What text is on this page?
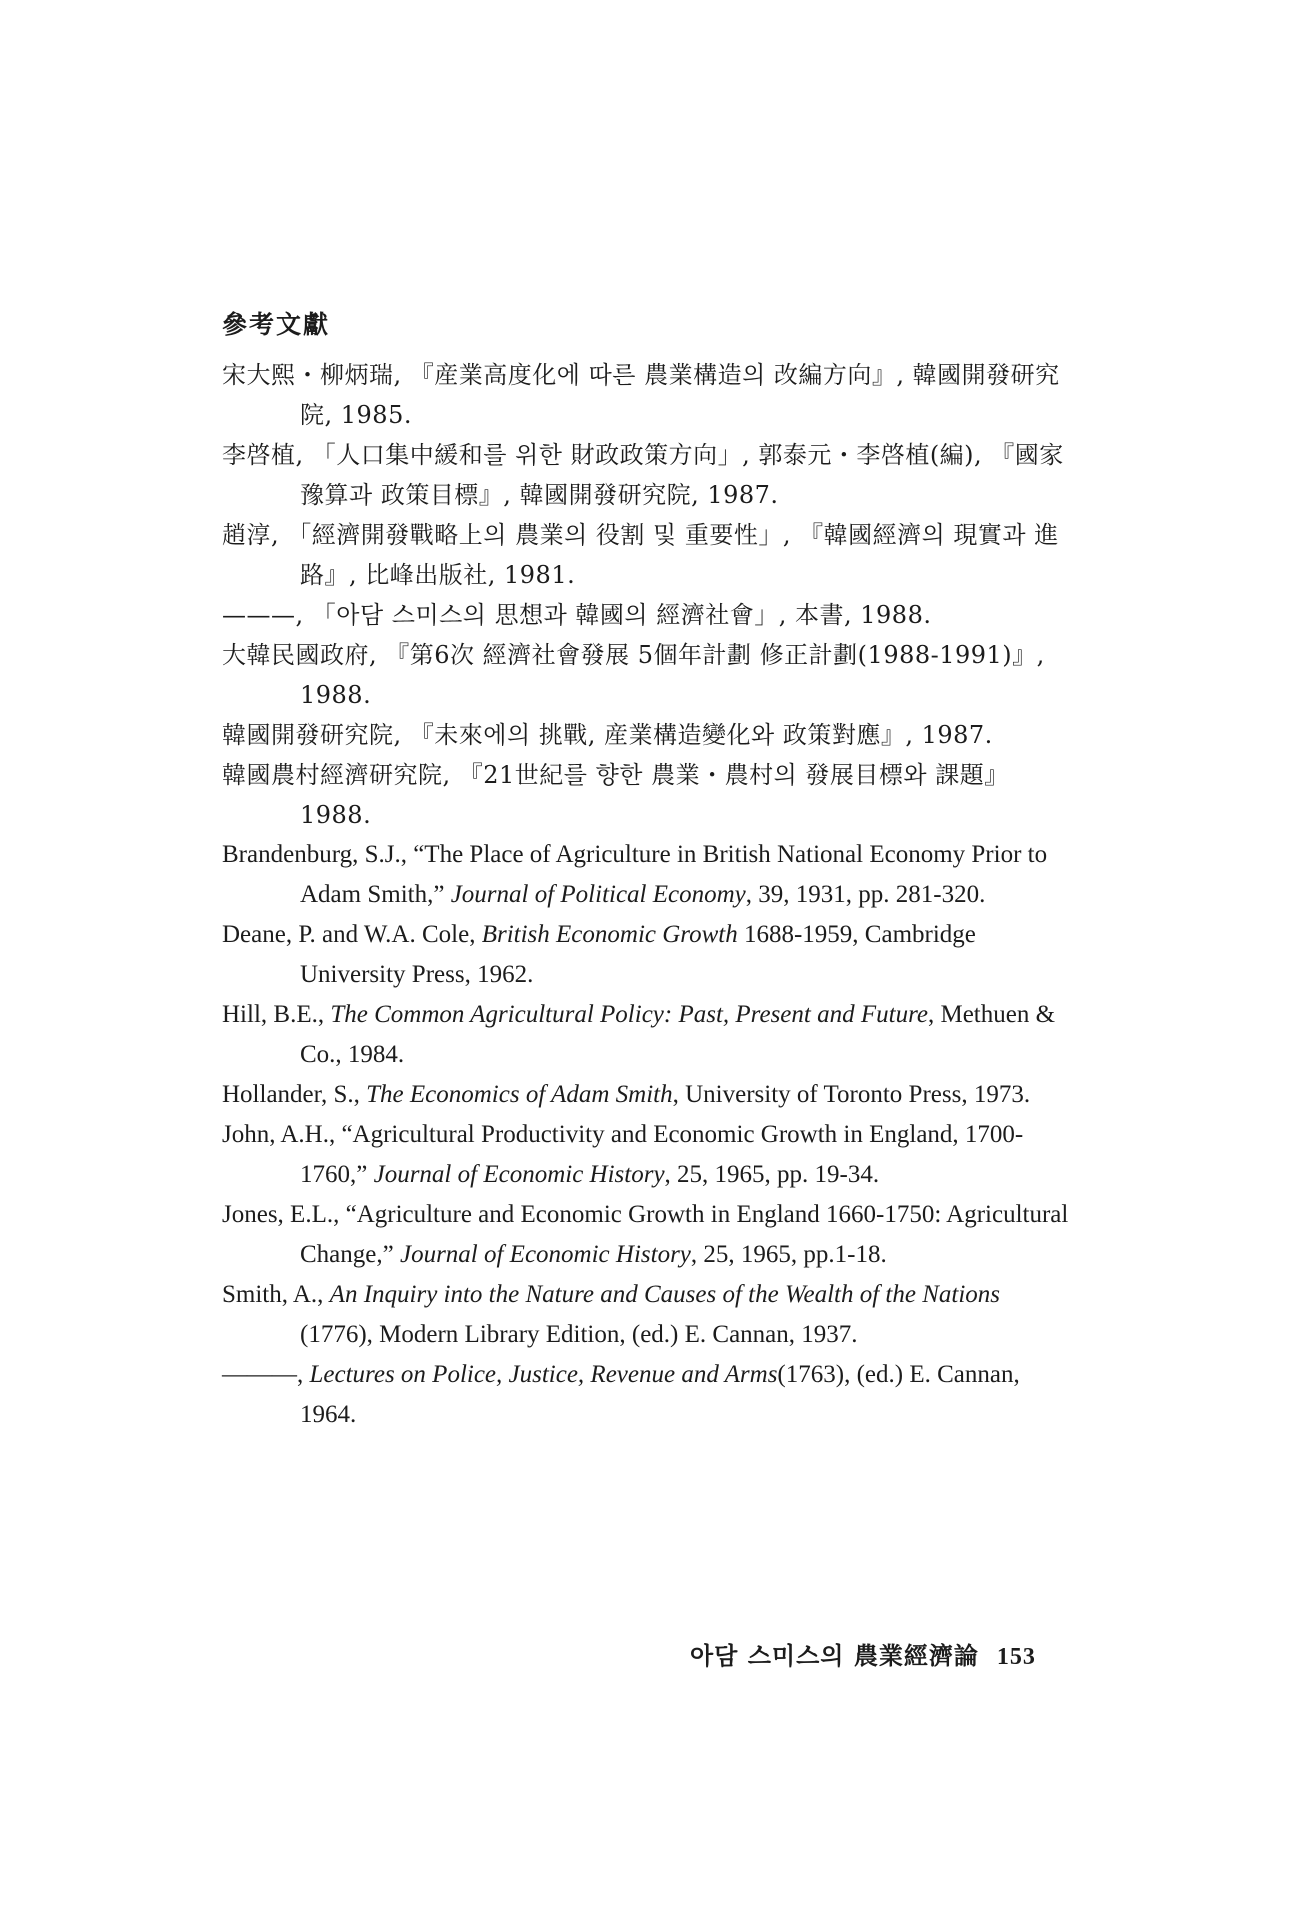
參考文獻
宋大熙・柳炳瑞, 『産業高度化에 따른 農業構造의 改編方向』, 韓國開發研究院, 1985.
李啓植, 「人口集中緩和를 위한 財政政策方向」, 郭泰元・李啓植(編), 『國家豫算과 政策目標』, 韓國開發研究院, 1987.
趙淳, 「經濟開發戰略上의 農業의 役割 및 重要性」, 『韓國經濟의 現實과 進路』, 比峰出版社, 1981.
———, 「아담 스미스의 思想과 韓國의 經濟社會」, 本書, 1988.
大韓民國政府, 『第6次 經濟社會發展 5個年計劃 修正計劃(1988-1991)』, 1988.
韓國開發研究院, 『未來에의 挑戰, 産業構造變化와 政策對應』, 1987.
韓國農村經濟研究院, 『21世紀를 향한 農業・農村의 發展目標와 課題』 1988.
Brandenburg, S.J., “The Place of Agriculture in British National Economy Prior to Adam Smith,” Journal of Political Economy, 39, 1931, pp. 281-320.
Deane, P. and W.A. Cole, British Economic Growth 1688-1959, Cambridge University Press, 1962.
Hill, B.E., The Common Agricultural Policy: Past, Present and Future, Methuen & Co., 1984.
Hollander, S., The Economics of Adam Smith, University of Toronto Press, 1973.
John, A.H., “Agricultural Productivity and Economic Growth in England, 1700-1760,” Journal of Economic History, 25, 1965, pp. 19-34.
Jones, E.L., “Agriculture and Economic Growth in England 1660-1750: Agricultural Change,” Journal of Economic History, 25, 1965, pp.1-18.
Smith, A., An Inquiry into the Nature and Causes of the Wealth of the Nations (1776), Modern Library Edition, (ed.) E. Cannan, 1937.
———, Lectures on Police, Justice, Revenue and Arms(1763), (ed.) E. Cannan, 1964.
아담 스미스의 農業經濟論 153
